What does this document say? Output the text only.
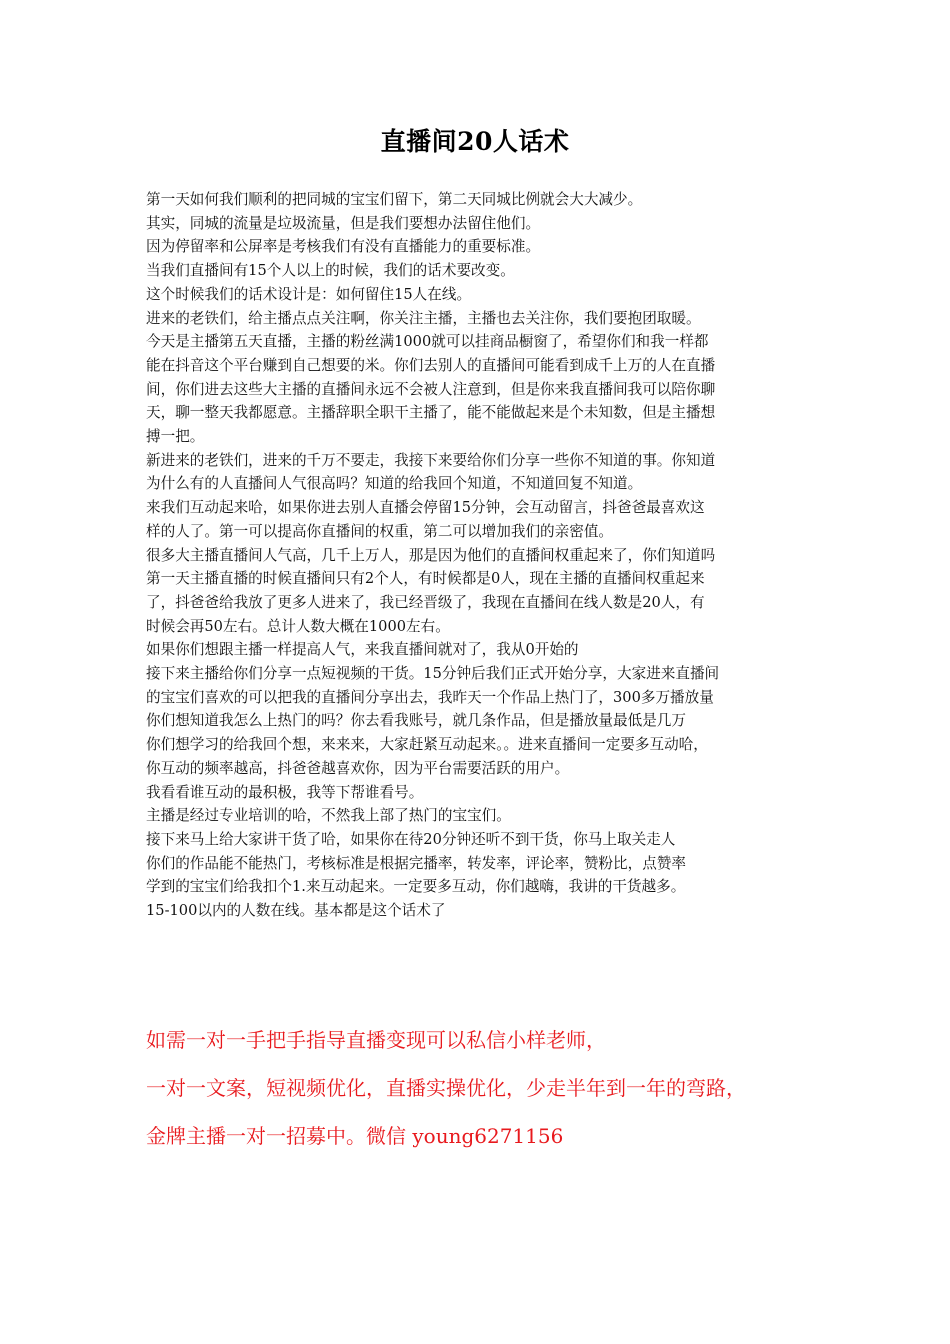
直播间20人话术

第一天如何我们顺利的把同城的宝宝们留下，第二天同城比例就会大大减少。

其实，同城的流量是垃圾流量，但是我们要想办法留住他们。

因为停留率和公屏率是考核我们有没有直播能力的重要标准。

当我们直播间有15个人以上的时候，我们的话术要改变。

这个时候我们的话术设计是：如何留住15人在线。

进来的老铁们，给主播点点关注啊，你关注主播，主播也去关注你，我们要抱团取暖。

今天是主播第五天直播，主播的粉丝满1000就可以挂商品橱窗了，希望你们和我一样都

能在抖音这个平台赚到自己想要的米。你们去别人的直播间可能看到成千上万的人在直播

间，你们进去这些大主播的直播间永远不会被人注意到，但是你来我直播间我可以陪你聊

天，聊一整天我都愿意。主播辞职全职干主播了，能不能做起来是个未知数，但是主播想

搏一把。

新进来的老铁们，进来的千万不要走，我接下来要给你们分享一些你不知道的事。你知道

为什么有的人直播间人气很高吗？知道的给我回个知道，不知道回复不知道。

来我们互动起来哈，如果你进去别人直播会停留15分钟，会互动留言，抖爸爸最喜欢这

样的人了。第一可以提高你直播间的权重，第二可以增加我们的亲密值。

很多大主播直播间人气高，几千上万人，那是因为他们的直播间权重起来了，你们知道吗

第一天主播直播的时候直播间只有2个人，有时候都是0人，现在主播的直播间权重起来

了，抖爸爸给我放了更多人进来了，我已经晋级了，我现在直播间在线人数是20人，有

时候会再50左右。总计人数大概在1000左右。

如果你们想跟主播一样提高人气，来我直播间就对了，我从0开始的

接下来主播给你们分享一点短视频的干货。15分钟后我们正式开始分享，大家进来直播间

的宝宝们喜欢的可以把我的直播间分享出去，我昨天一个作品上热门了，300多万播放量

你们想知道我怎么上热门的吗？你去看我账号，就几条作品，但是播放量最低是几万

你们想学习的给我回个想，来来来，大家赶紧互动起来。。进来直播间一定要多互动哈，

你互动的频率越高，抖爸爸越喜欢你，因为平台需要活跃的用户。

我看看谁互动的最积极，我等下帮谁看号。

主播是经过专业培训的哈，不然我上部了热门的宝宝们。

接下来马上给大家讲干货了哈，如果你在待20分钟还听不到干货，你马上取关走人

你们的作品能不能热门，考核标准是根据完播率，转发率，评论率，赞粉比，点赞率

学到的宝宝们给我扣个1.来互动起来。一定要多互动，你们越嗨，我讲的干货越多。

15-100以内的人数在线。基本都是这个话术了

如需一对一手把手指导直播变现可以私信小样老师，

一对一文案，短视频优化，直播实操优化，少走半年到一年的弯路，

金牌主播一对一招募中。微信 young6271156
